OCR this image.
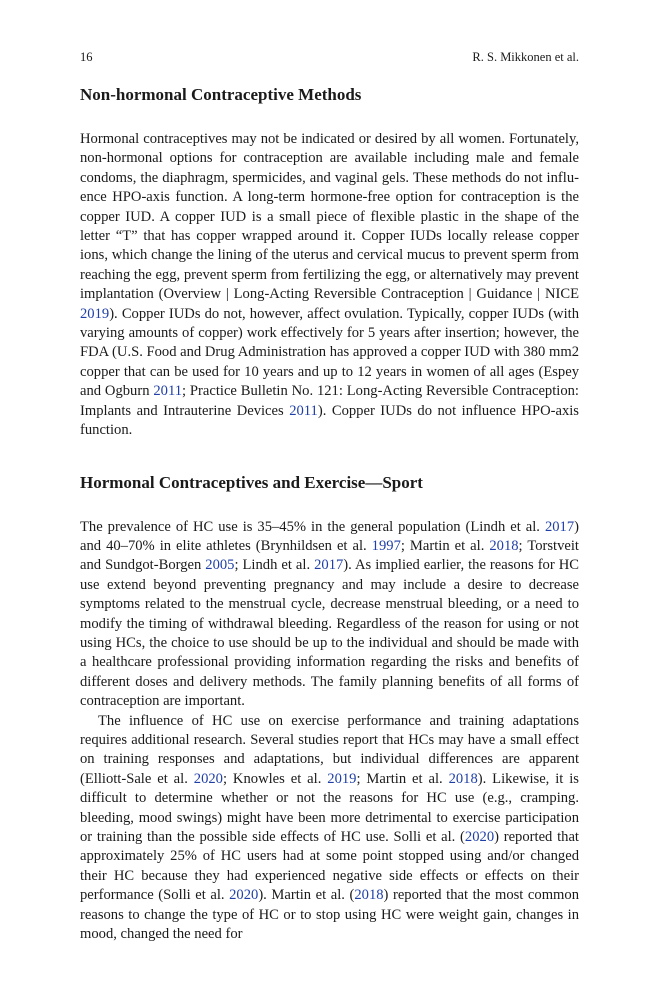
16	R. S. Mikkonen et al.
Non-hormonal Contraceptive Methods

Hormonal contraceptives may not be indicated or desired by all women. Fortunately, non-hormonal options for contraception are available including male and female condoms, the diaphragm, spermicides, and vaginal gels. These methods do not influence HPO-axis function. A long-term hormone-free option for contraception is the copper IUD. A copper IUD is a small piece of flexible plastic in the shape of the letter “T” that has copper wrapped around it. Copper IUDs locally release copper ions, which change the lining of the uterus and cervical mucus to prevent sperm from reaching the egg, prevent sperm from fertilizing the egg, or alternatively may prevent implantation (Overview | Long-Acting Reversible Contraception | Guidance | NICE 2019). Copper IUDs do not, however, affect ovulation. Typically, copper IUDs (with varying amounts of copper) work effectively for 5 years after insertion; however, the FDA (U.S. Food and Drug Administration has approved a copper IUD with 380 mm2 copper that can be used for 10 years and up to 12 years in women of all ages (Espey and Ogburn 2011; Practice Bulletin No. 121: Long-Acting Reversible Contraception: Implants and Intrauterine Devices 2011). Copper IUDs do not influence HPO-axis function.

Hormonal Contraceptives and Exercise—Sport

The prevalence of HC use is 35–45% in the general population (Lindh et al. 2017) and 40–70% in elite athletes (Brynhildsen et al. 1997; Martin et al. 2018; Torstveit and Sundgot-Borgen 2005; Lindh et al. 2017). As implied earlier, the reasons for HC use extend beyond preventing pregnancy and may include a desire to decrease symptoms related to the menstrual cycle, decrease menstrual bleeding, or a need to modify the timing of withdrawal bleeding. Regardless of the reason for using or not using HCs, the choice to use should be up to the individual and should be made with a healthcare professional providing information regarding the risks and benefits of different doses and delivery methods. The family planning benefits of all forms of contraception are important.

The influence of HC use on exercise performance and training adaptations requires additional research. Several studies report that HCs may have a small effect on training responses and adaptations, but individual differences are apparent (Elliott-Sale et al. 2020; Knowles et al. 2019; Martin et al. 2018). Likewise, it is difficult to determine whether or not the reasons for HC use (e.g., cramping. bleeding, mood swings) might have been more detrimental to exercise participation or training than the possible side effects of HC use. Solli et al. (2020) reported that approximately 25% of HC users had at some point stopped using and/or changed their HC because they had experienced negative side effects or effects on their performance (Solli et al. 2020). Martin et al. (2018) reported that the most common reasons to change the type of HC or to stop using HC were weight gain, changes in mood, changed the need for
